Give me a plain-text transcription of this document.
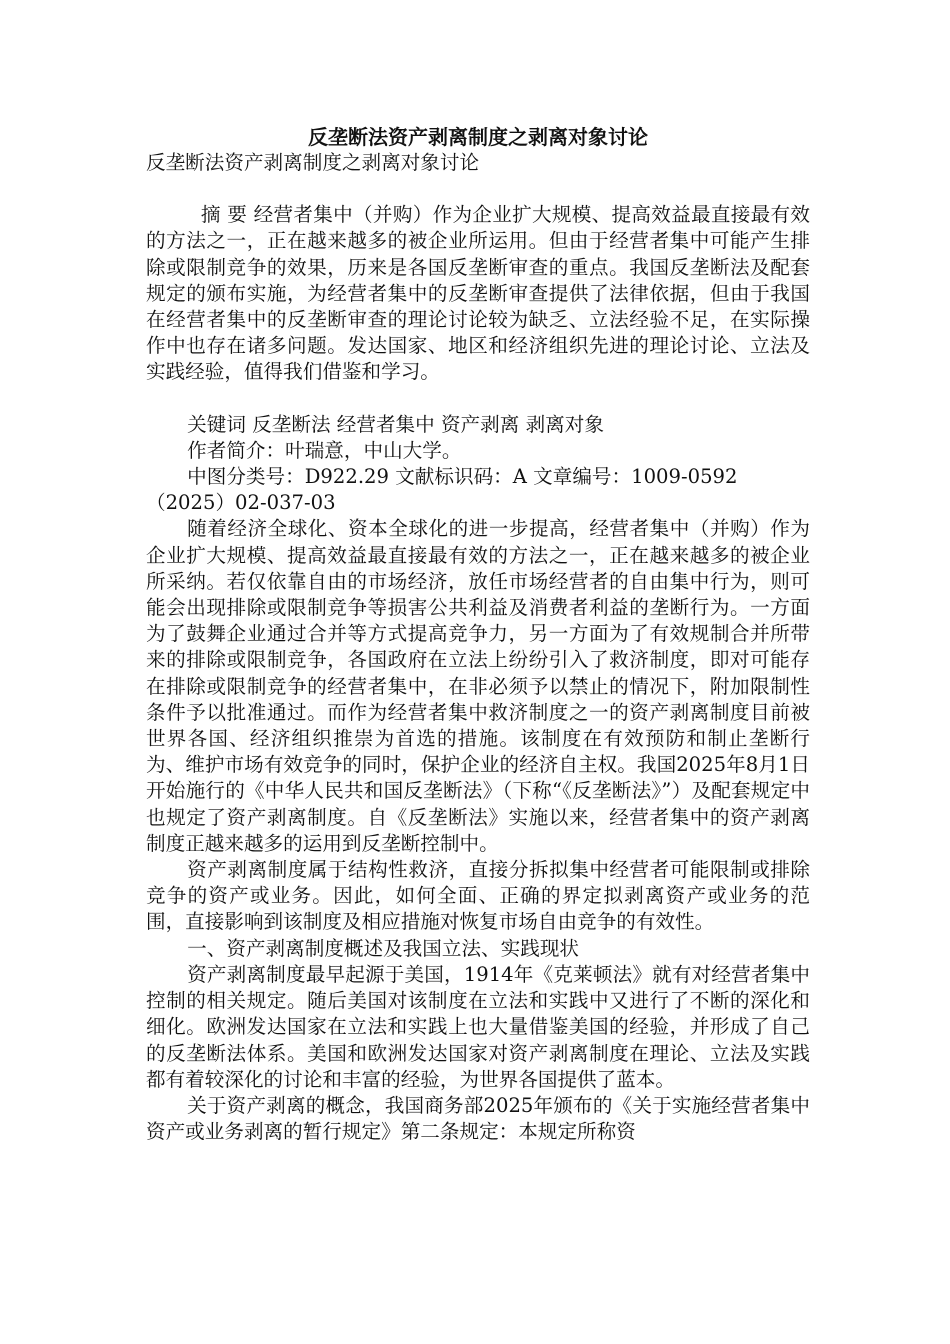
反垄断法资产剥离制度之剥离对象讨论

反垄断法资产剥离制度之剥离对象讨论

摘 要 经营者集中（并购）作为企业扩大规模、提高效益最直接最有效的方法之一，正在越来越多的被企业所运用。但由于经营者集中可能产生排除或限制竞争的效果，历来是各国反垄断审查的重点。我国反垄断法及配套规定的颁布实施，为经营者集中的反垄断审查提供了法律依据，但由于我国在经营者集中的反垄断审查的理论讨论较为缺乏、立法经验不足，在实际操作中也存在诸多问题。发达国家、地区和经济组织先进的理论讨论、立法及实践经验，值得我们借鉴和学习。

关键词 反垄断法 经营者集中 资产剥离 剥离对象

作者简介：叶瑞意，中山大学。

中图分类号：D922.29 文献标识码：A 文章编号：1009-0592（2025）02-037-03

随着经济全球化、资本全球化的进一步提高，经营者集中（并购）作为企业扩大规模、提高效益最直接最有效的方法之一，正在越来越多的被企业所采纳。若仅依靠自由的市场经济，放任市场经营者的自由集中行为，则可能会出现排除或限制竞争等损害公共利益及消费者利益的垄断行为。一方面为了鼓舞企业通过合并等方式提高竞争力，另一方面为了有效规制合并所带来的排除或限制竞争，各国政府在立法上纷纷引入了救济制度，即对可能存在排除或限制竞争的经营者集中，在非必须予以禁止的情况下，附加限制性条件予以批准通过。而作为经营者集中救济制度之一的资产剥离制度目前被世界各国、经济组织推崇为首选的措施。该制度在有效预防和制止垄断行为、维护市场有效竞争的同时，保护企业的经济自主权。我国2025年8月1日开始施行的《中华人民共和国反垄断法》（下称“《反垄断法》”）及配套规定中也规定了资产剥离制度。自《反垄断法》实施以来，经营者集中的资产剥离制度正越来越多的运用到反垄断控制中。

资产剥离制度属于结构性救济，直接分拆拟集中经营者可能限制或排除竞争的资产或业务。因此，如何全面、正确的界定拟剥离资产或业务的范围，直接影响到该制度及相应措施对恢复市场自由竞争的有效性。

一、资产剥离制度概述及我国立法、实践现状

资产剥离制度最早起源于美国，1914年《克莱顿法》就有对经营者集中控制的相关规定。随后美国对该制度在立法和实践中又进行了不断的深化和细化。欧洲发达国家在立法和实践上也大量借鉴美国的经验，并形成了自己的反垄断法体系。美国和欧洲发达国家对资产剥离制度在理论、立法及实践都有着较深化的讨论和丰富的经验，为世界各国提供了蓝本。

关于资产剥离的概念，我国商务部2025年颁布的《关于实施经营者集中资产或业务剥离的暂行规定》第二条规定：本规定所称资
